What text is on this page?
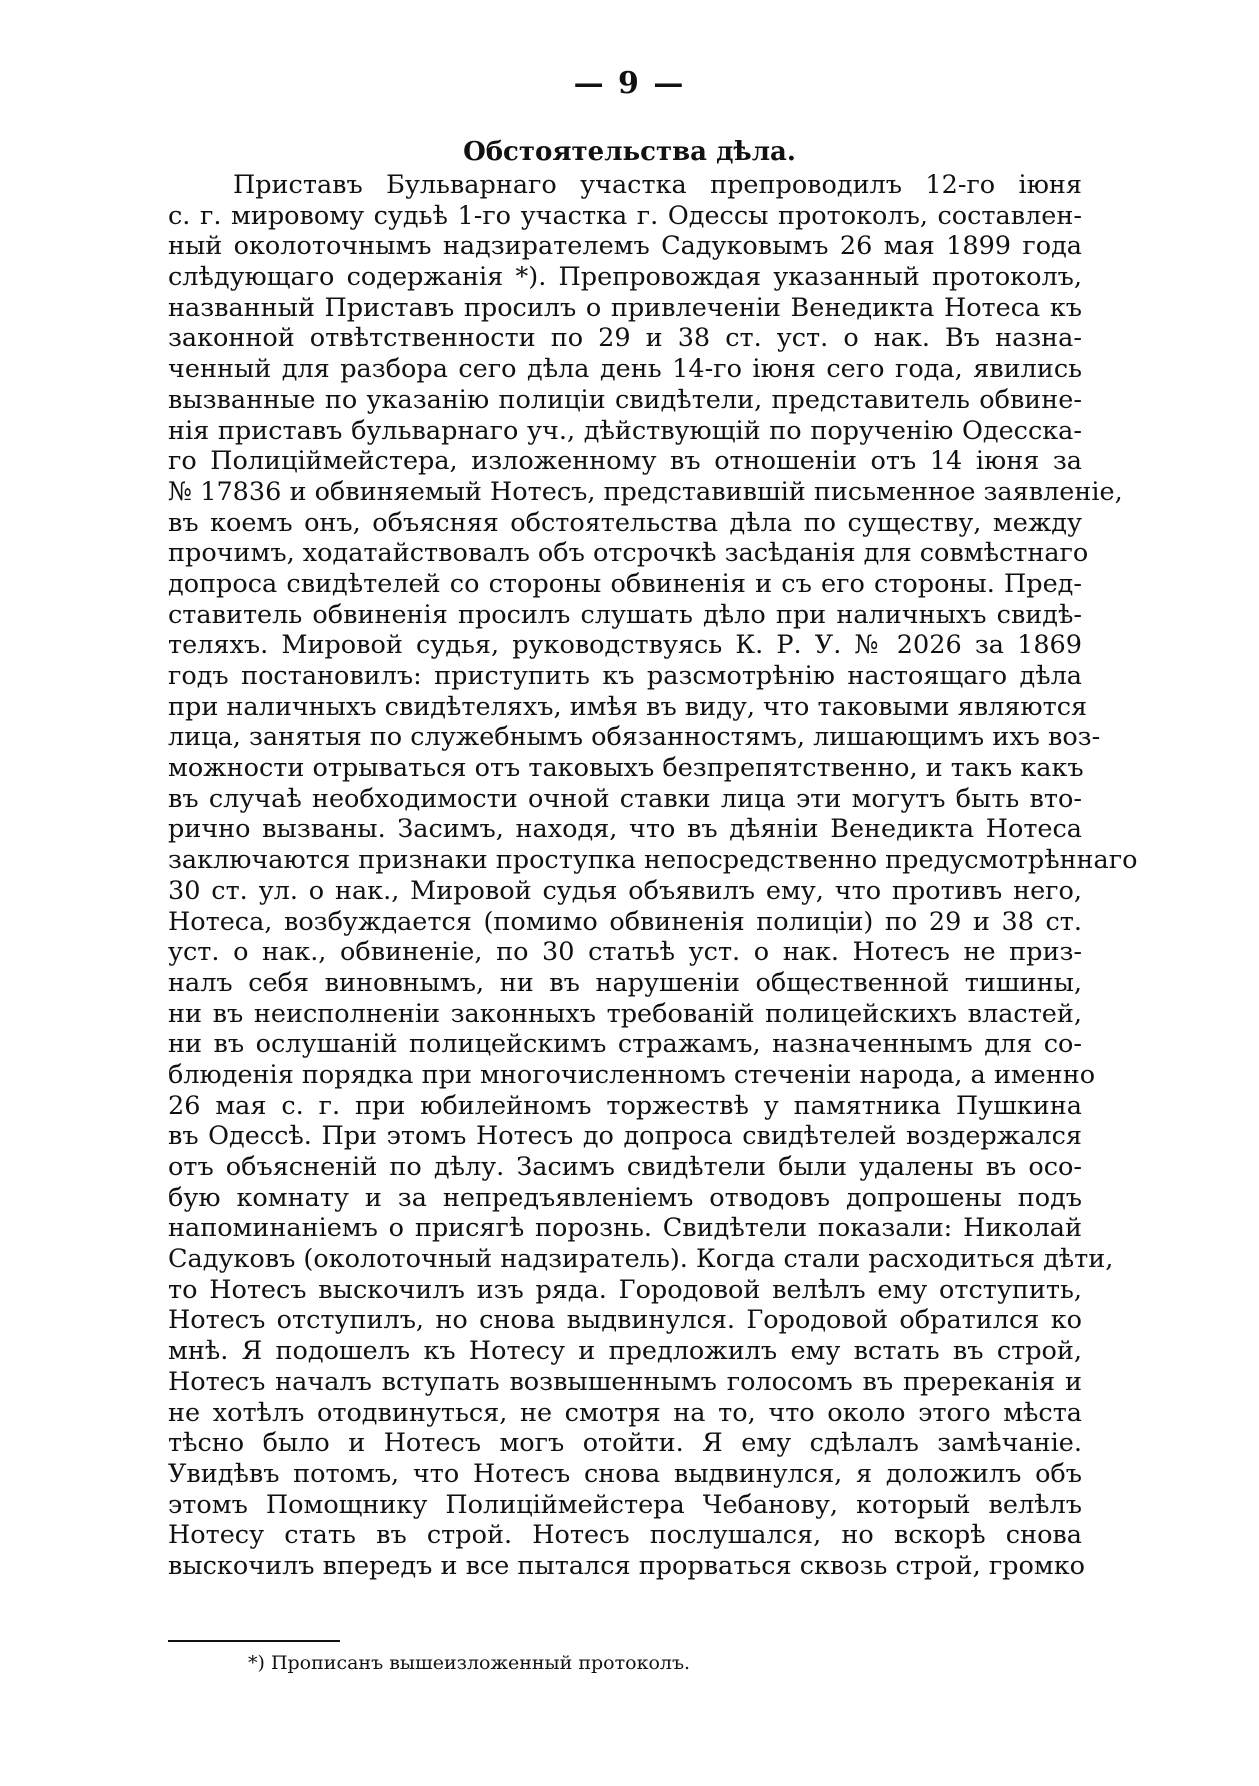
— 9 —
Обстоятельства дѣла.
Приставъ Бульварнаго участка препроводилъ 12-го іюня
с. г. мировому судьѣ 1-го участка г. Одессы протоколъ, составлен-
ный околоточнымъ надзирателемъ Садуковымъ 26 мая 1899 года
слѣдующаго содержанія *). Препровождая указанный протоколъ,
названный Приставъ просилъ о привлеченіи Венедикта Нотеса къ
законной отвѣтственности по 29 и 38 ст. уст. о нак. Въ назна-
ченный для разбора сего дѣла день 14-го іюня сего года, явились
вызванные по указанію полиціи свидѣтели, представитель обвине-
нія приставъ бульварнаго уч., дѣйствующій по порученію Одесска-
го Полиціймейстера, изложенному въ отношеніи отъ 14 іюня за
№ 17836 и обвиняемый Нотесъ, представившій письменное заявленіе,
въ коемъ онъ, объясняя обстоятельства дѣла по существу, между
прочимъ, ходатайствовалъ объ отсрочкѣ засѣданія для совмѣстнаго
допроса свидѣтелей со стороны обвиненія и съ его стороны. Пред-
ставитель обвиненія просилъ слушать дѣло при наличныхъ свидѣ-
теляхъ. Мировой судья, руководствуясь К. Р. У. № 2026 за 1869
годъ постановилъ: приступить къ разсмотрѣнію настоящаго дѣла
при наличныхъ свидѣтеляхъ, имѣя въ виду, что таковыми являются
лица, занятыя по служебнымъ обязанностямъ, лишающимъ ихъ воз-
можности отрываться отъ таковыхъ безпрепятственно, и такъ какъ
въ случаѣ необходимости очной ставки лица эти могутъ быть вто-
рично вызваны. Засимъ, находя, что въ дѣяніи Венедикта Нотеса
заключаются признаки проступка непосредственно предусмотрѣннаго
30 ст. ул. о нак., Мировой судья объявилъ ему, что противъ него,
Нотеса, возбуждается (помимо обвиненія полиціи) по 29 и 38 ст.
уст. о нак., обвиненіе, по 30 статьѣ уст. о нак. Нотесъ не приз-
налъ себя виновнымъ, ни въ нарушеніи общественной тишины,
ни въ неисполненіи законныхъ требованій полицейскихъ властей,
ни въ ослушаній полицейскимъ стражамъ, назначеннымъ для со-
блюденія порядка при многочисленномъ стеченіи народа, а именно
26 мая с. г. при юбилейномъ торжествѣ у памятника Пушкина
въ Одессѣ. При этомъ Нотесъ до допроса свидѣтелей воздержался
отъ объясненій по дѣлу. Засимъ свидѣтели были удалены въ осо-
бую комнату и за непредъявленіемъ отводовъ допрошены подъ
напоминаніемъ о присягѣ порознь. Свидѣтели показали: Николай
Садуковъ (околоточный надзиратель). Когда стали расходиться дѣти,
то Нотесъ выскочилъ изъ ряда. Городовой велѣлъ ему отступить,
Нотесъ отступилъ, но снова выдвинулся. Городовой обратился ко
мнѣ. Я подошелъ къ Нотесу и предложилъ ему встать въ строй,
Нотесъ началъ вступать возвышеннымъ голосомъ въ пререканія и
не хотѣлъ отодвинуться, не смотря на то, что около этого мѣста
тѣсно было и Нотесъ могъ отойти. Я ему сдѣлалъ замѣчаніе.
Увидѣвъ потомъ, что Нотесъ снова выдвинулся, я доложилъ объ
этомъ Помощнику Полиціймейстера Чебанову, который велѣлъ
Нотесу стать въ строй. Нотесъ послушался, но вскорѣ снова
выскочилъ впередъ и все пытался прорваться сквозь строй, громко
*) Прописанъ вышеизложенный протоколъ.
